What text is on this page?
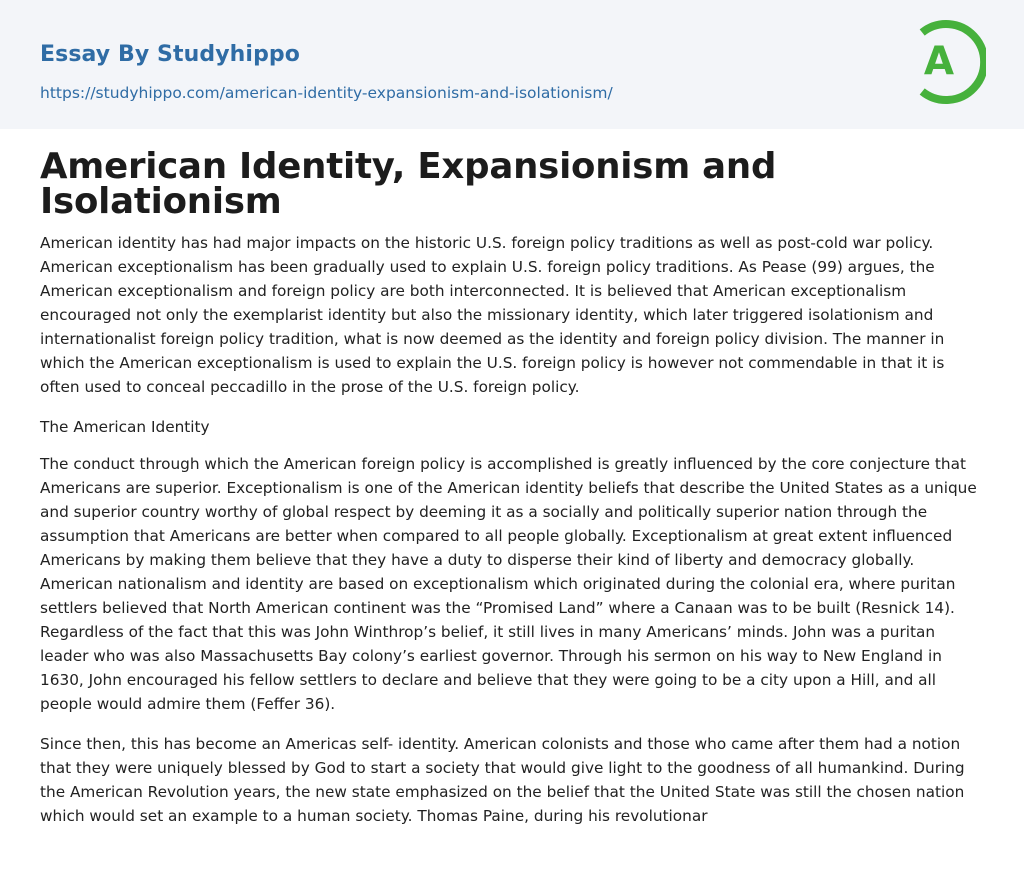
Essay By Studyhippo
https://studyhippo.com/american-identity-expansionism-and-isolationism/
A
American Identity, Expansionism and Isolationism

American identity has had major impacts on the historic U.S. foreign policy traditions as well as post-cold war policy. American exceptionalism has been gradually used to explain U.S. foreign policy traditions. As Pease (99) argues, the American exceptionalism and foreign policy are both interconnected. It is believed that American exceptionalism encouraged not only the exemplarist identity but also the missionary identity, which later triggered isolationism and internationalist foreign policy tradition, what is now deemed as the identity and foreign policy division. The manner in which the American exceptionalism is used to explain the U.S. foreign policy is however not commendable in that it is often used to conceal peccadillo in the prose of the U.S. foreign policy.

The American Identity

The conduct through which the American foreign policy is accomplished is greatly influenced by the core conjecture that Americans are superior. Exceptionalism is one of the American identity beliefs that describe the United States as a unique and superior country worthy of global respect by deeming it as a socially and politically superior nation through the assumption that Americans are better when compared to all people globally. Exceptionalism at great extent influenced Americans by making them believe that they have a duty to disperse their kind of liberty and democracy globally. American nationalism and identity are based on exceptionalism which originated during the colonial era, where puritan settlers believed that North American continent was the “Promised Land” where a Canaan was to be built (Resnick 14). Regardless of the fact that this was John Winthrop’s belief, it still lives in many Americans’ minds. John was a puritan leader who was also Massachusetts Bay colony’s earliest governor. Through his sermon on his way to New England in 1630, John encouraged his fellow settlers to declare and believe that they were going to be a city upon a Hill, and all people would admire them (Feffer 36).

Since then, this has become an Americas self- identity. American colonists and those who came after them had a notion that they were uniquely blessed by God to start a society that would give light to the goodness of all humankind. During the American Revolution years, the new state emphasized on the belief that the United State was still the chosen nation which would set an example to a human society. Thomas Paine, during his revolutionar
